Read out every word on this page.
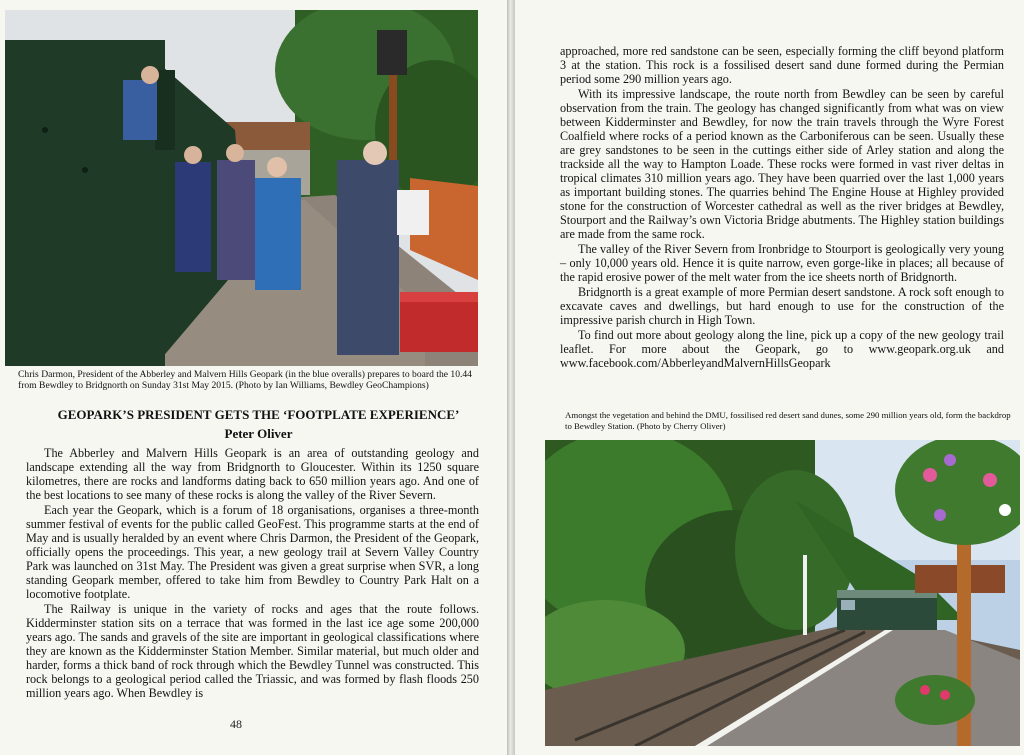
Chris Darmon, President of the Abberley and Malvern Hills Geopark (in the blue overalls) prepares to board the 10.44 from Bewdley to Bridgnorth on Sunday 31st May 2015. (Photo by Ian Williams, Bewdley GeoChampions)

GEOPARK’S PRESIDENT GETS THE ‘FOOTPLATE EXPERIENCE’
Peter Oliver

The Abberley and Malvern Hills Geopark is an area of outstanding geology and landscape extending all the way from Bridgnorth to Gloucester. Within its 1250 square kilometres, there are rocks and landforms dating back to 650 million years ago. And one of the best locations to see many of these rocks is along the valley of the River Severn.

Each year the Geopark, which is a forum of 18 organisations, organises a three-month summer festival of events for the public called GeoFest. This programme starts at the end of May and is usually heralded by an event where Chris Darmon, the President of the Geopark, officially opens the proceedings. This year, a new geology trail at Severn Valley Country Park was launched on 31st May. The President was given a great surprise when SVR, a long standing Geopark member, offered to take him from Bewdley to Country Park Halt on a locomotive footplate.

The Railway is unique in the variety of rocks and ages that the route follows. Kidderminster station sits on a terrace that was formed in the last ice age some 200,000 years ago. The sands and gravels of the site are important in geological classifications where they are known as the Kidderminster Station Member. Similar material, but much older and harder, forms a thick band of rock through which the Bewdley Tunnel was constructed. This rock belongs to a geological period called the Triassic, and was formed by flash floods 250 million years ago. When Bewdley is

48

approached, more red sandstone can be seen, especially forming the cliff beyond platform 3 at the station. This rock is a fossilised desert sand dune formed during the Permian period some 290 million years ago.

With its impressive landscape, the route north from Bewdley can be seen by careful observation from the train. The geology has changed significantly from what was on view between Kidderminster and Bewdley, for now the train travels through the Wyre Forest Coalfield where rocks of a period known as the Carboniferous can be seen. Usually these are grey sandstones to be seen in the cuttings either side of Arley station and along the trackside all the way to Hampton Loade. These rocks were formed in vast river deltas in tropical climates 310 million years ago. They have been quarried over the last 1,000 years as important building stones. The quarries behind The Engine House at Highley provided stone for the construction of Worcester cathedral as well as the river bridges at Bewdley, Stourport and the Railway’s own Victoria Bridge abutments. The Highley station buildings are made from the same rock.

The valley of the River Severn from Ironbridge to Stourport is geologically very young – only 10,000 years old. Hence it is quite narrow, even gorge-like in places; all because of the rapid erosive power of the melt water from the ice sheets north of Bridgnorth.

Bridgnorth is a great example of more Permian desert sandstone. A rock soft enough to excavate caves and dwellings, but hard enough to use for the construction of the impressive parish church in High Town.

To find out more about geology along the line, pick up a copy of the new geology trail leaflet. For more about the Geopark, go to www.geopark.org.uk and www.facebook.com/AbberleyandMalvernHillsGeopark

Amongst the vegetation and behind the DMU, fossilised red desert sand dunes, some 290 million years old, form the backdrop to Bewdley Station. (Photo by Cherry Oliver)
